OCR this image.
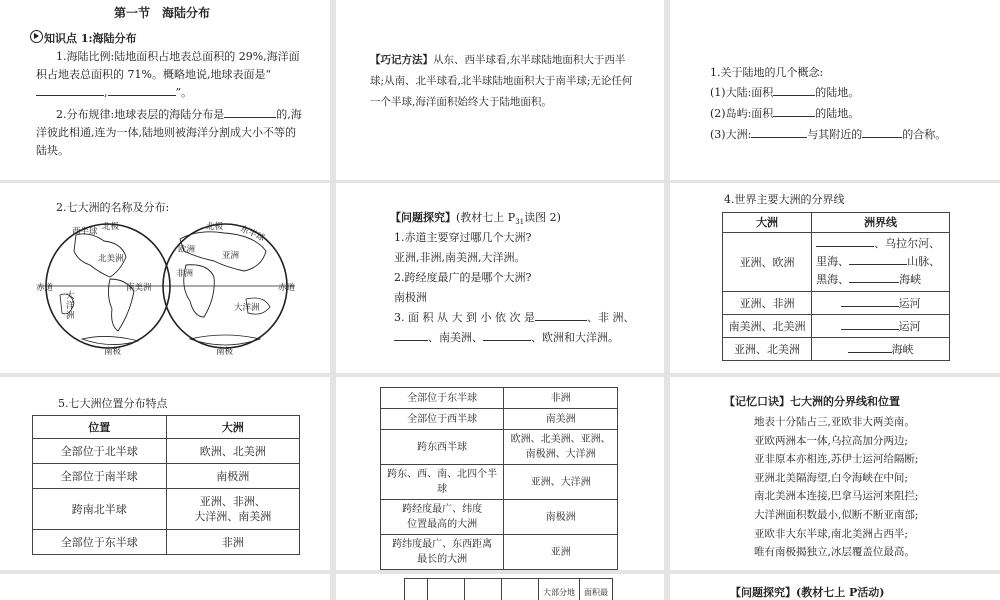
第一节　海陆分布
知识点 1:海陆分布
1.海陆比例:陆地面积占地表总面积的 29%,海洋面积占地表总面积的 71%。概略地说,地球表面是“,	”。
2.分布规律:地球表层的海陆分布是	的,海洋彼此相通,连为一体,陆地则被海洋分割成大小不等的陆块。
【巧记方法】从东、西半球看,东半球陆地面积大于西半球;从南、北半球看,北半球陆地面积大于南半球;无论任何一个半球,海洋面积始终大于陆地面积。
1.关于陆地的几个概念:
(1)大陆:面积	的陆地。
(2)岛屿:面积	的陆地。
(3)大洲:	与其附近的	的合称。
2.七大洲的名称及分布:
西半球 北极
北美洲
赤道
大
洋
洲
南美洲
南极
北极 东半球
欧洲
亚洲
非洲
大洋洲
赤道
南极
【问题探究】(教材七上 $P_{31}$读图 2)
1.赤道主要穿过哪几个大洲?
亚洲,非洲,南美洲,大洋洲。
2.跨经度最广的是哪个大洲?
南极洲
3. 面 积 从 大 到 小 依 次 是	、非 洲、
、南美洲、	、欧洲和大洋洲。
4.世界主要大洲的分界线
大洲	洲界线
亚洲、欧洲	、乌拉尔河、
里海、 山脉、
黑海、 海峡
亚洲、非洲	运河
南美洲、北美洲	运河
亚洲、北美洲	海峡
5.七大洲位置分布特点
位置	大洲
全部位于北半球	欧洲、北美洲
全部位于南半球	南极洲
跨南北半球	亚洲、非洲、
大洋洲、南美洲
全部位于东半球	非洲
全部位于东半球	非洲
全部位于西半球	南美洲
跨东西半球	欧洲、北美洲、亚洲、
南极洲、大洋洲
跨东、西、南、北四个半球	亚洲、大洋洲
跨经度最广、纬度
位置最高的大洲	南极洲
跨纬度最广、东西距离
最长的大洲	亚洲
【记忆口诀】七大洲的分界线和位置
地表十分陆占三,亚欧非大两美南。
亚欧两洲本一体,乌拉高加分两边;
亚非原本亦相连,苏伊士运河给隔断;
亚洲北美隔海望,白令海峡在中间;
南北美洲本连接,巴拿马运河来阻拦;
大洋洲面积数最小,似断不断亚南部;
亚欧非大东半球,南北美洲占西半;
唯有南极揭独立,冰层覆盖位最高。
				大部分地	面积最	【问题探究】(教材七上 P活动)
